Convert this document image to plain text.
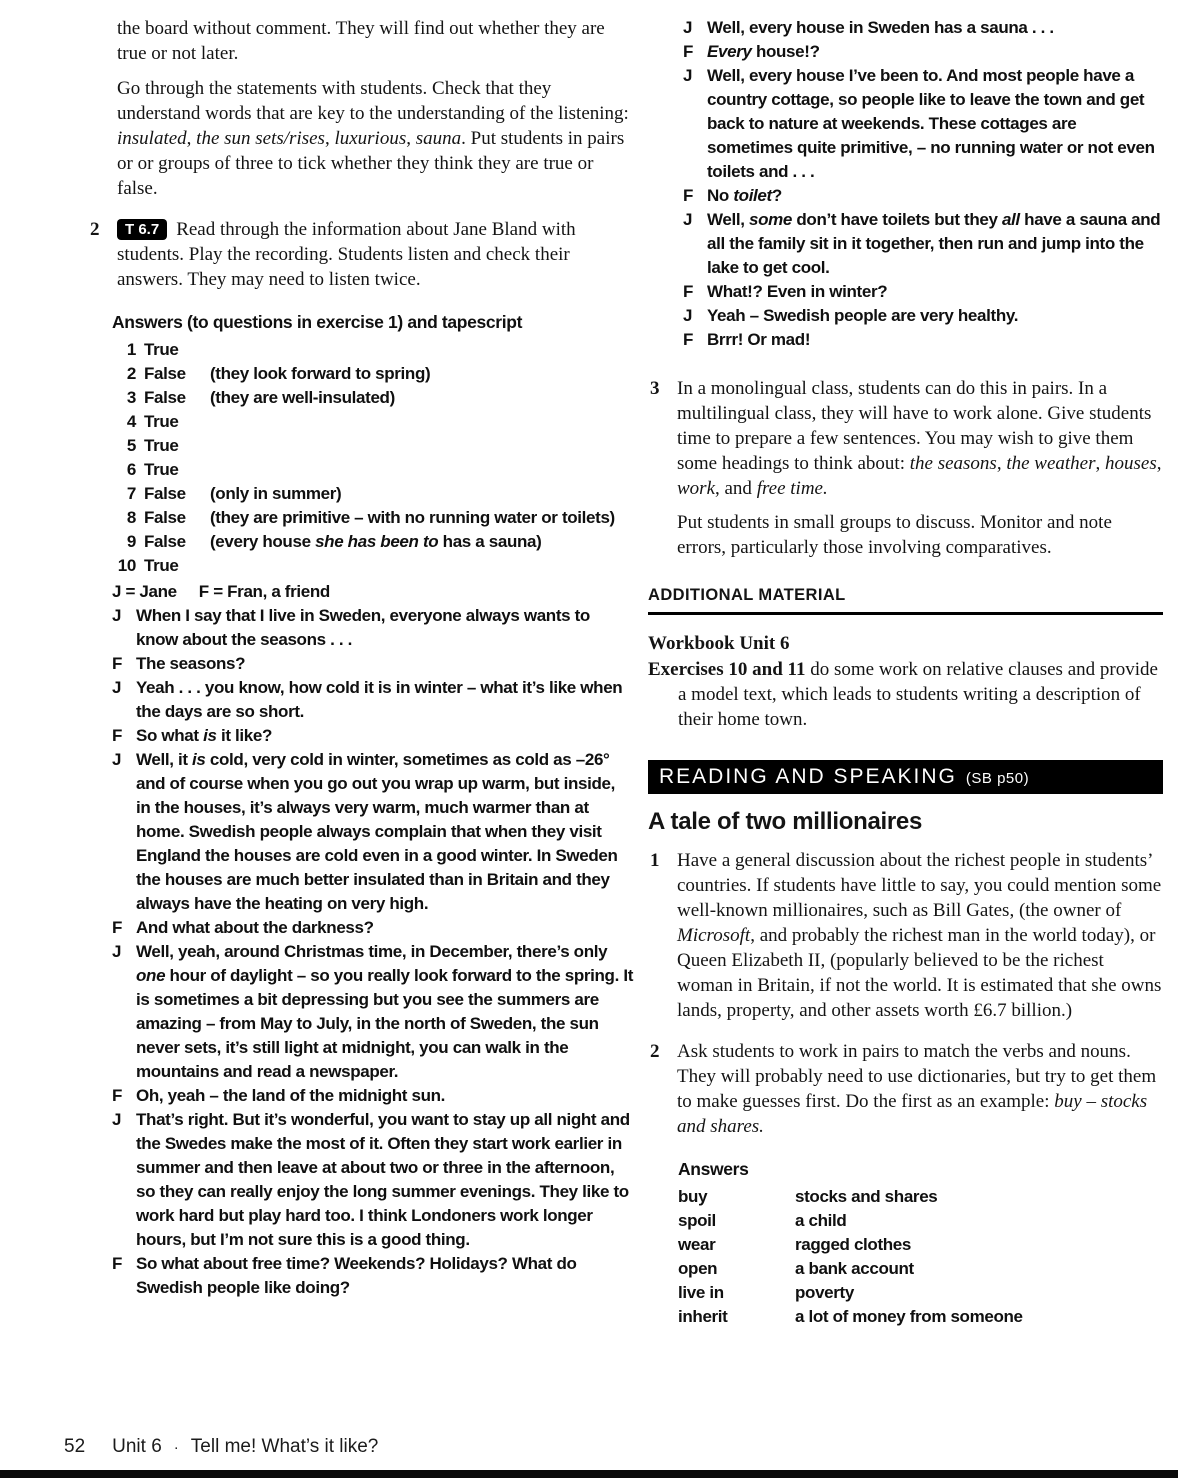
the board without comment. They will find out whether they are true or not later.

Go through the statements with students. Check that they understand words that are key to the understanding of the listening: insulated, the sun sets/rises, luxurious, sauna. Put students in pairs or or groups of three to tick whether they think they are true or false.

2 T 6.7 Read through the information about Jane Bland with students. Play the recording. Students listen and check their answers. They may need to listen twice.
Answers (to questions in exercise 1) and tapescript
1 True
2 False	(they look forward to spring)
3 False	(they are well-insulated)
4 True
5 True
6 True
7 False	(only in summer)
8 False	(they are primitive – with no running water or toilets)
9 False	(every house she has been to has a sauna)
10 True
J = Jane F = Fran, a friend
J When I say that I live in Sweden, everyone always wants to know about the seasons . . .
F The seasons?
J Yeah . . . you know, how cold it is in winter – what it’s like when the days are so short.
F So what is it like?
J Well, it is cold, very cold in winter, sometimes as cold as –26° and of course when you go out you wrap up warm, but inside, in the houses, it’s always very warm, much warmer than at home. Swedish people always complain that when they visit England the houses are cold even in a good winter. In Sweden the houses are much better insulated than in Britain and they always have the heating on very high.
F And what about the darkness?
J Well, yeah, around Christmas time, in December, there’s only one hour of daylight – so you really look forward to the spring. It is sometimes a bit depressing but you see the summers are amazing – from May to July, in the north of Sweden, the sun never sets, it’s still light at midnight, you can walk in the mountains and read a newspaper.
F Oh, yeah – the land of the midnight sun.
J That’s right. But it’s wonderful, you want to stay up all night and the Swedes make the most of it. Often they start work earlier in summer and then leave at about two or three in the afternoon, so they can really enjoy the long summer evenings. They like to work hard but play hard too. I think Londoners work longer hours, but I’m not sure this is a good thing.
F So what about free time? Weekends? Holidays? What do Swedish people like doing?
J Well, every house in Sweden has a sauna . . .
F Every house!?
J Well, every house I’ve been to. And most people have a country cottage, so people like to leave the town and get back to nature at weekends. These cottages are sometimes quite primitive, – no running water or not even toilets and . . .
F No toilet?
J Well, some don’t have toilets but they all have a sauna and all the family sit in it together, then run and jump into the lake to get cool.
F What!? Even in winter?
J Yeah – Swedish people are very healthy.
F Brrr! Or mad!
3 In a monolingual class, students can do this in pairs. In a multilingual class, they will have to work alone. Give students time to prepare a few sentences. You may wish to give them some headings to think about: the seasons, the weather, houses, work, and free time.

Put students in small groups to discuss. Monitor and note errors, particularly those involving comparatives.

ADDITIONAL MATERIAL
Workbook Unit 6

Exercises 10 and 11 do some work on relative clauses and provide a model text, which leads to students writing a description of their home town.

READING AND SPEAKING (SB p50)
A tale of two millionaires
1 Have a general discussion about the richest people in students’ countries. If students have little to say, you could mention some well-known millionaires, such as Bill Gates, (the owner of Microsoft, and probably the richest man in the world today), or Queen Elizabeth II, (popularly believed to be the richest woman in Britain, if not the world. It is estimated that she owns lands, property, and other assets worth £6.7 billion.)
2 Ask students to work in pairs to match the verbs and nouns. They will probably need to use dictionaries, but try to get them to make guesses first. Do the first as an example: buy – stocks and shares.
Answers
buy	stocks and shares
spoil	a child
wear	ragged clothes
open	a bank account
live in	poverty
inherit	a lot of money from someone
52 Unit 6 · Tell me! What’s it like?
